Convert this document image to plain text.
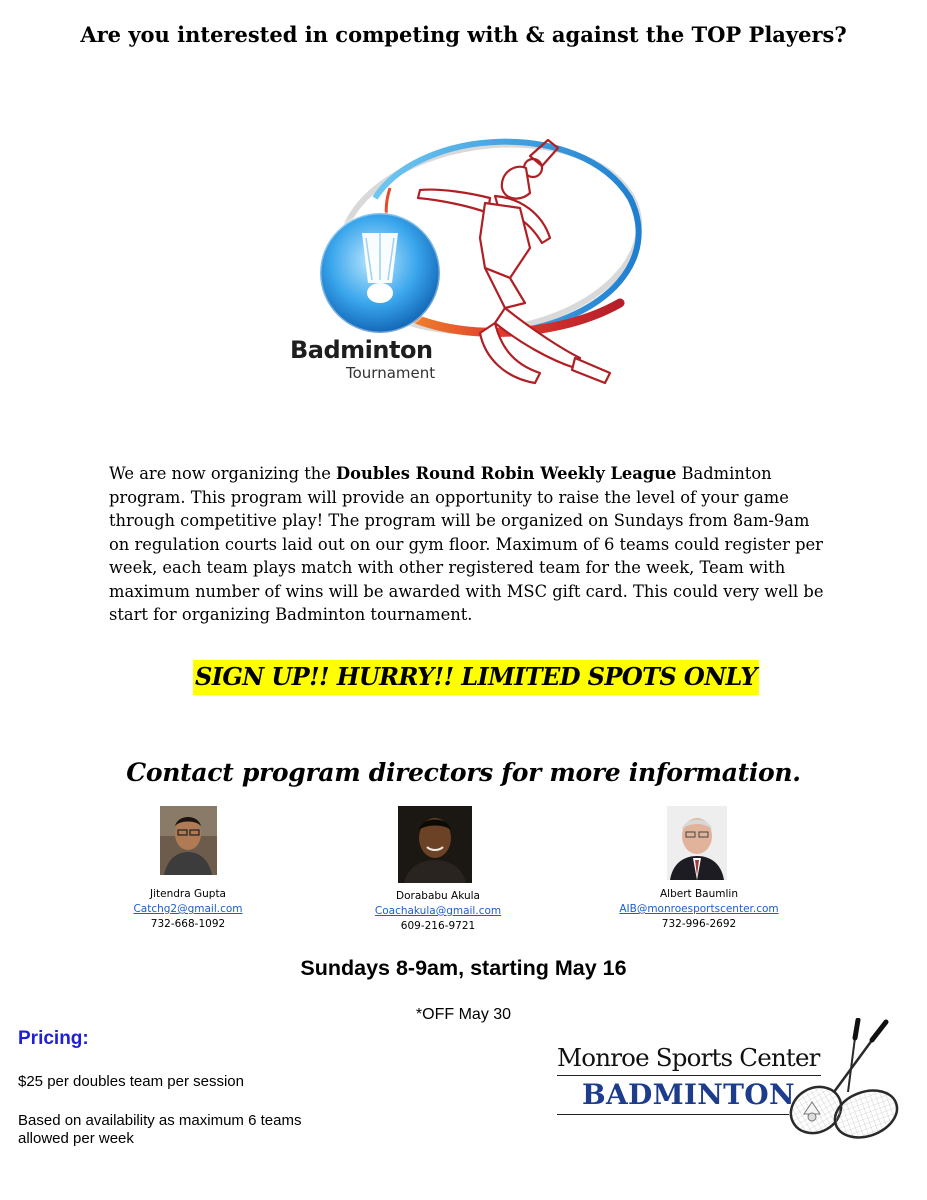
Are you interested in competing with & against the TOP Players?
Badminton
Tournament
We are now organizing the Doubles Round Robin Weekly League Badminton program. This program will provide an opportunity to raise the level of your game through competitive play! The program will be organized on Sundays from 8am-9am on regulation courts laid out on our gym floor. Maximum of 6 teams could register per week, each team plays match with other registered team for the week, Team with maximum number of wins will be awarded with MSC gift card. This could very well be start for organizing Badminton tournament.
SIGN UP!! HURRY!! LIMITED SPOTS ONLY
Contact program directors for more information.
Jitendra Gupta
Catchg2@gmail.com
732-668-1092
Dorababu Akula
Coachakula@gmail.com
609-216-9721
Albert Baumlin
AIB@monroesportscenter.com
732-996-2692
Sundays 8-9am, starting May 16
*OFF May 30
Pricing:
$25 per doubles team per session
Based on availability as maximum 6 teams allowed per week
Monroe Sports Center
BADMINTON
